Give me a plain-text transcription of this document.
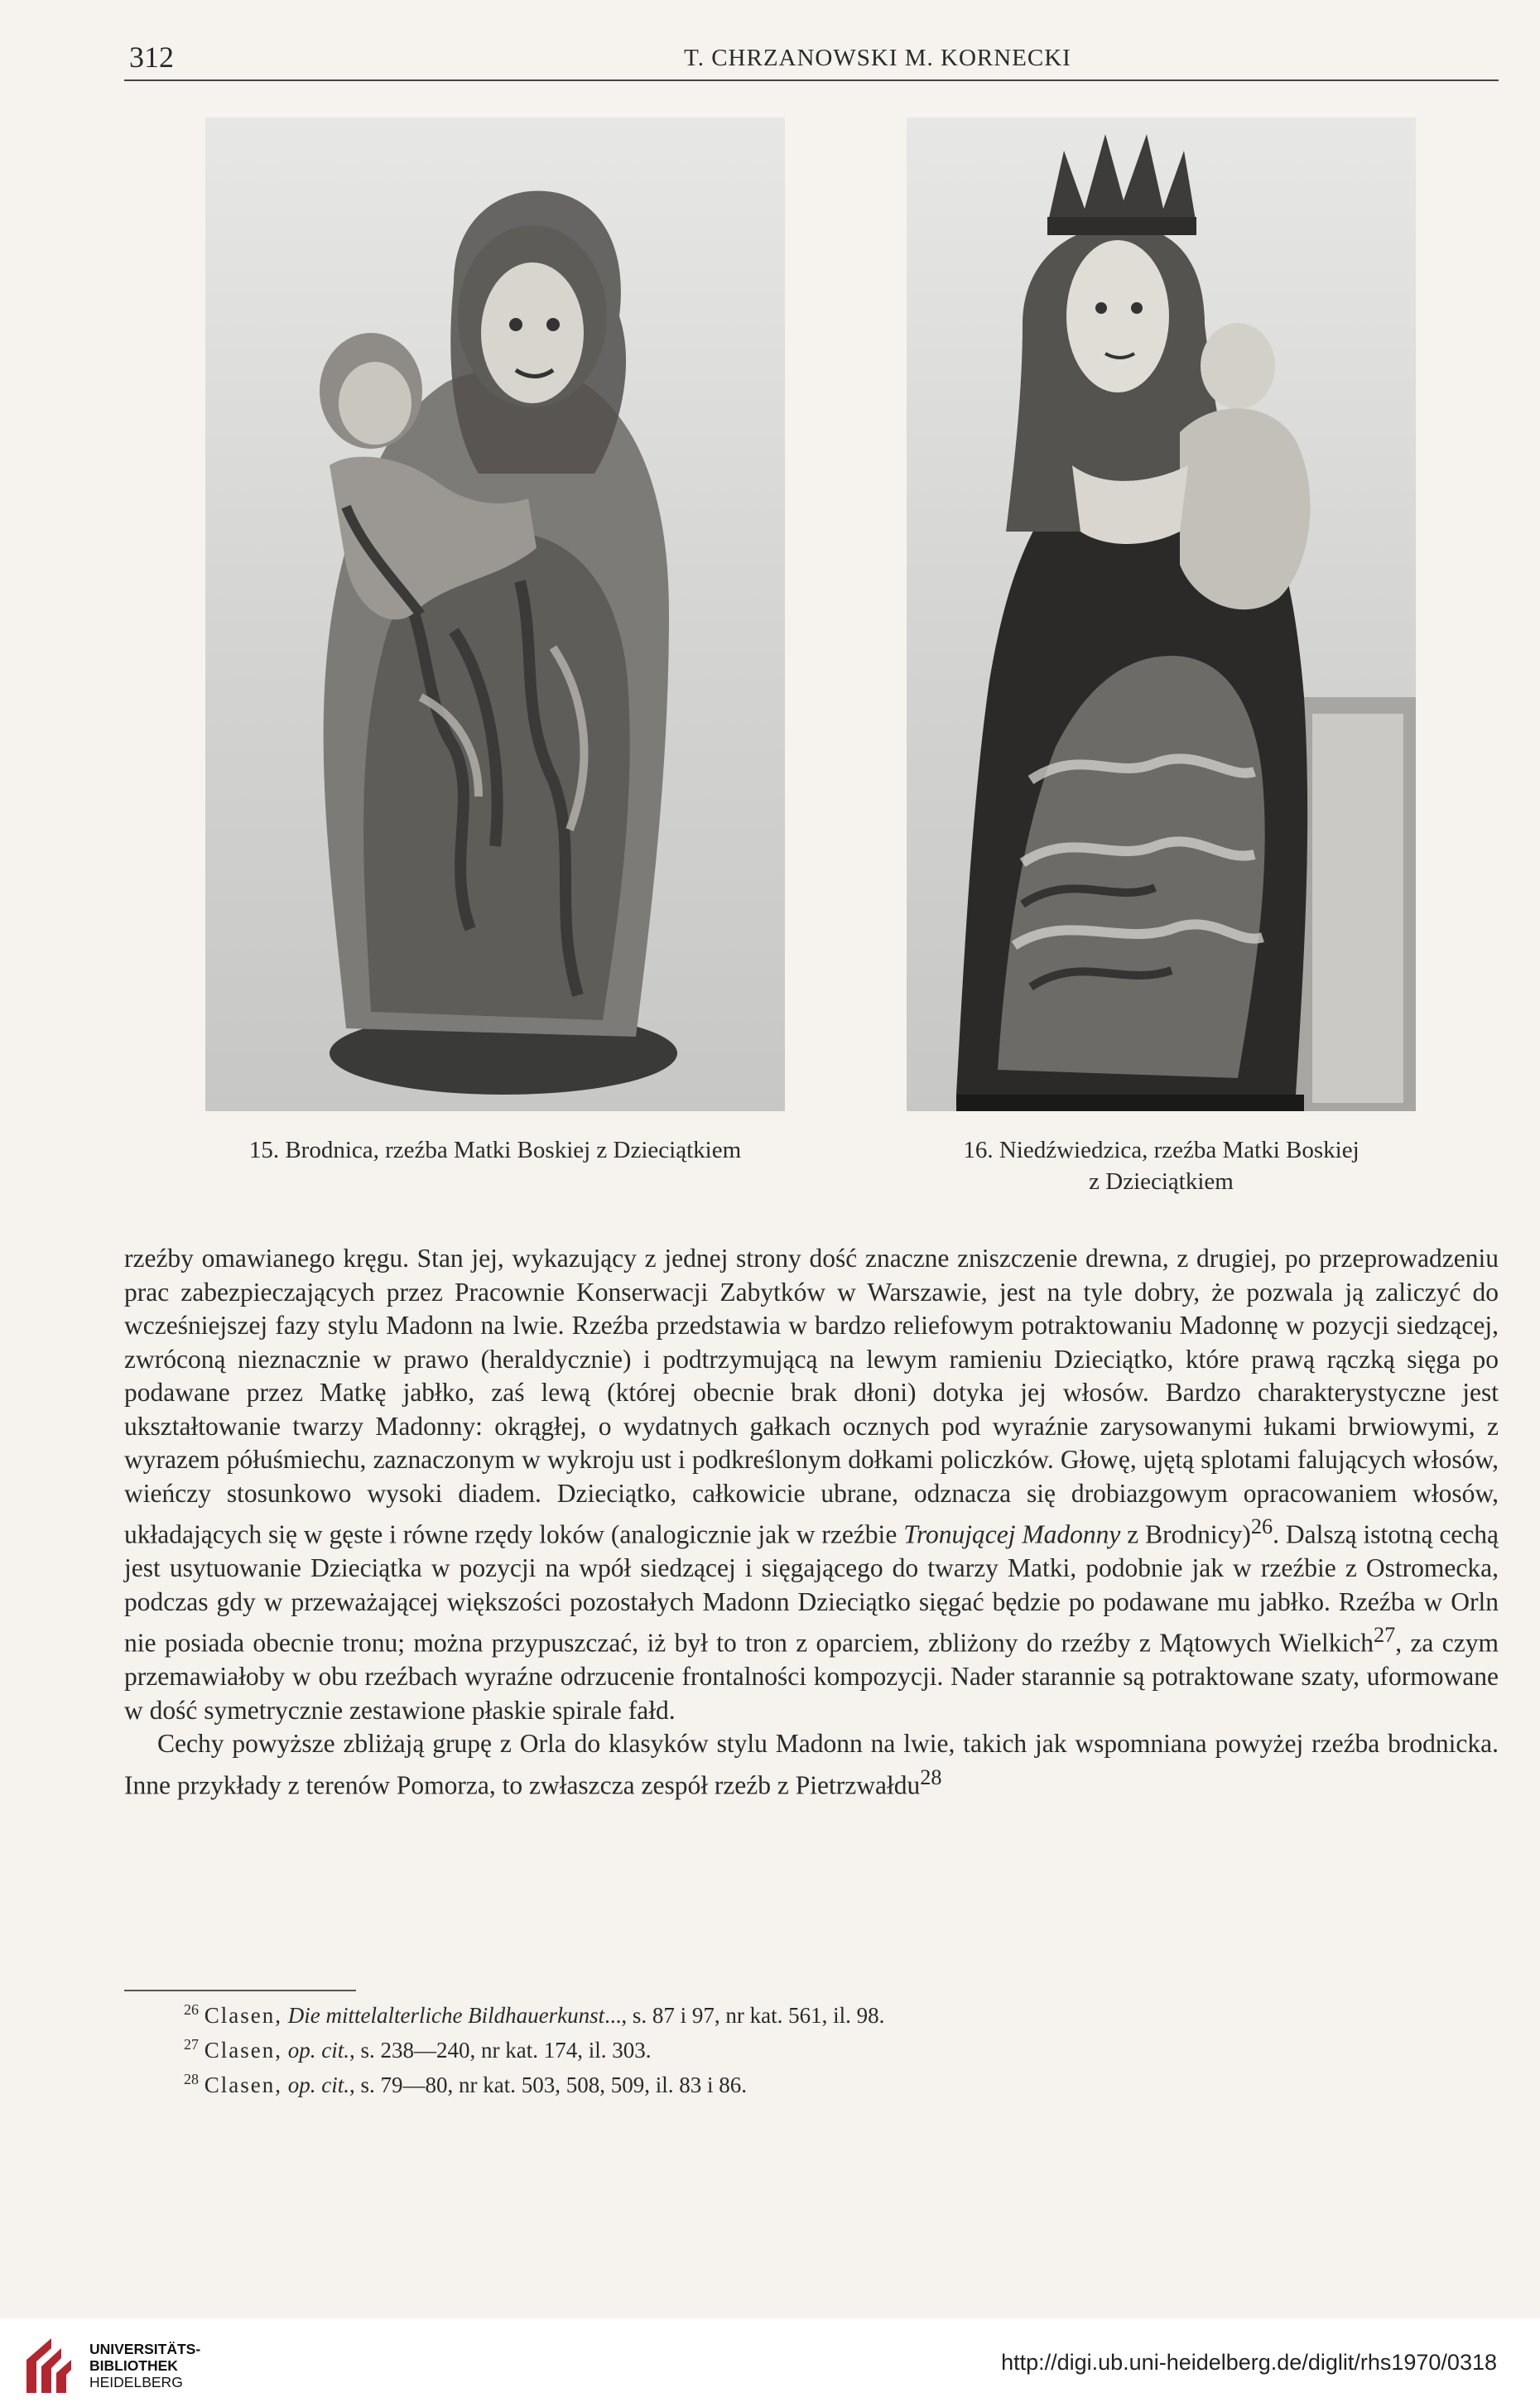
312	T. CHRZANOWSKI M. KORNECKI
15. Brodnica, rzeźba Matki Boskiej z Dzieciątkiem	16. Niedźwiedzica, rzeźba Matki Boskiej
z Dzieciątkiem

rzeźby omawianego kręgu. Stan jej, wykazujący z jednej strony dość znaczne zniszczenie drewna, z drugiej, po przeprowadzeniu prac zabezpieczających przez Pracownie Konserwacji Zabytków w Warszawie, jest na tyle dobry, że pozwala ją zaliczyć do wcześniejszej fazy stylu Madonn na lwie. Rzeźba przedstawia w bardzo reliefowym potraktowaniu Madonnę w pozycji siedzącej, zwróconą nieznacznie w prawo (heraldycznie) i podtrzymującą na lewym ramieniu Dzieciątko, które prawą rączką sięga po podawane przez Matkę jabłko, zaś lewą (której obecnie brak dłoni) dotyka jej włosów. Bardzo charakterystyczne jest ukształtowanie twarzy Madonny: okrągłej, o wydatnych gałkach ocznych pod wyraźnie zarysowanymi łukami brwiowymi, z wyrazem półuśmiechu, zaznaczonym w wykroju ust i podkreślonym dołkami policzków. Głowę, ujętą splotami falujących włosów, wieńczy stosunkowo wysoki diadem. Dzieciątko, całkowicie ubrane, odznacza się drobiazgowym opracowaniem włosów, układających się w gęste i równe rzędy loków (analogicznie jak w rzeźbie Tronującej Madonny z Brodnicy)$^{26}$. Dalszą istotną cechą jest usytuowanie Dzieciątka w pozycji na wpół siedzącej i sięgającego do twarzy Matki, podobnie jak w rzeźbie z Ostromecka, podczas gdy w przeważającej większości pozostałych Madonn Dzieciątko sięgać będzie po podawane mu jabłko. Rzeźba w Orln nie posiada obecnie tronu; można przypuszczać, iż był to tron z oparciem, zbliżony do rzeźby z Mątowych Wielkich$^{27}$, za czym przemawiałoby w obu rzeźbach wyraźne odrzucenie frontalności kompozycji. Nader starannie są potraktowane szaty, uformowane w dość symetrycznie zestawione płaskie spirale fałd.

Cechy powyższe zbliżają grupę z Orla do klasyków stylu Madonn na lwie, takich jak wspomniana powyżej rzeźba brodnicka. Inne przykłady z terenów Pomorza, to zwłaszcza zespół rzeźb z Pietrzwałdu$^{28}$

$^{26}$ Clasen, Die mittelalterliche Bildhauerkunst..., s. 87 i 97, nr kat. 561, il. 98.
$^{27}$ Clasen, op. cit., s. 238—240, nr kat. 174, il. 303.
$^{28}$ Clasen, op. cit., s. 79—80, nr kat. 503, 508, 509, il. 83 i 86.
UNIVERSITÄTS-
BIBLIOTHEK
HEIDELBERG
http://digi.ub.uni-heidelberg.de/diglit/rhs1970/0318
